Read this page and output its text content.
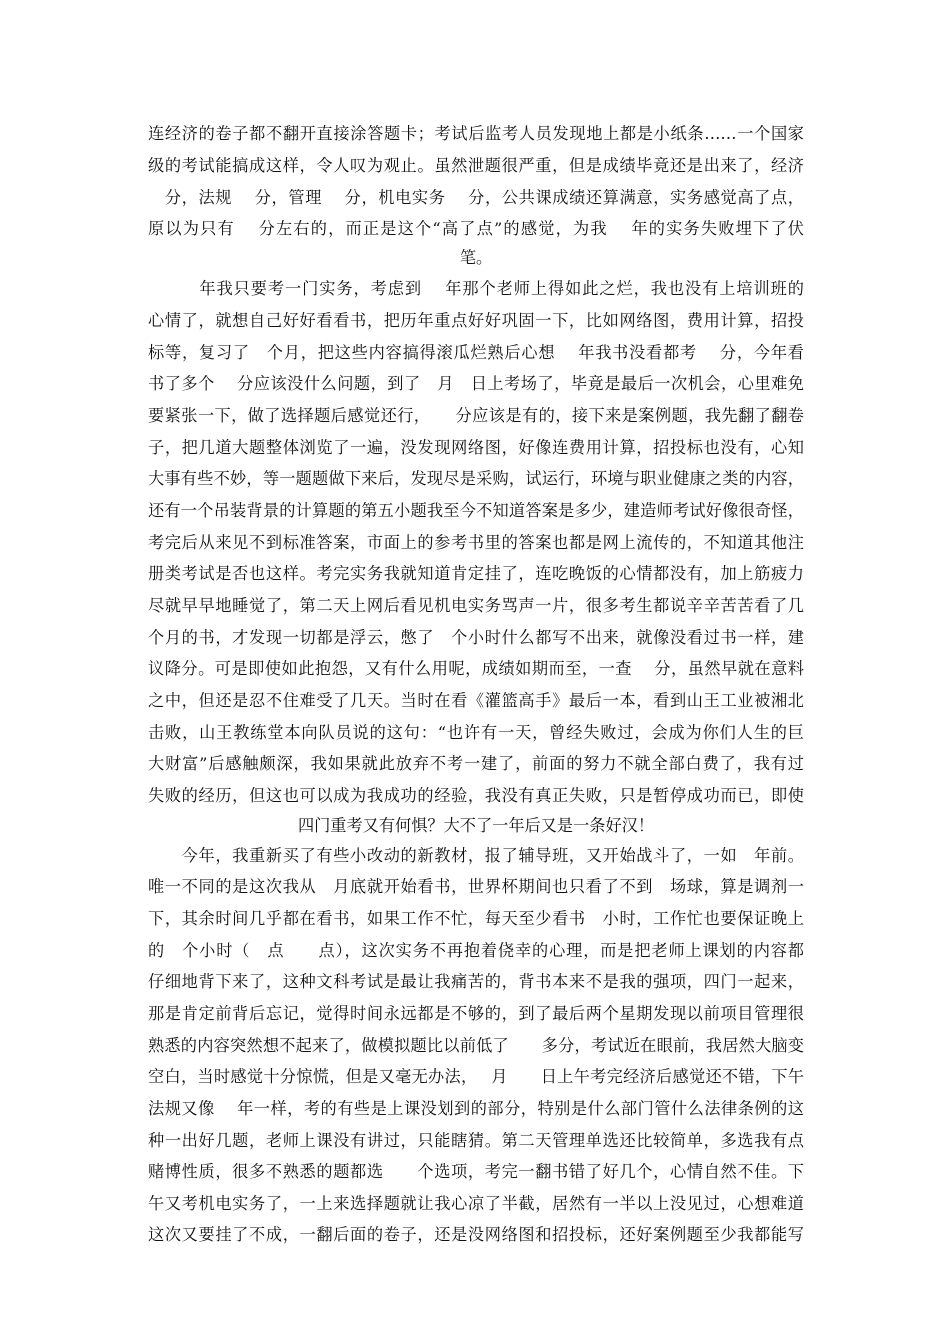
连经济的卷子都不翻开直接涂答题卡；考试后监考人员发现地上都是小纸条……一个国家
级的考试能搞成这样，令人叹为观止。虽然泄题很严重，但是成绩毕竟还是出来了，经济
　分，法规　 分，管理　 分，机电实务　 分，公共课成绩还算满意，实务感觉高了点，
原以为只有　 分左右的，而正是这个“高了点”的感觉，为我　 年的实务失败埋下了伏
笔。
　　　年我只要考一门实务，考虑到　 年那个老师上得如此之烂，我也没有上培训班的
心情了，就想自己好好看看书，把历年重点好好巩固一下，比如网络图，费用计算，招投
标等，复习了　个月，把这些内容搞得滚瓜烂熟后心想　 年我书没看都考　 分，今年看
书了多个　 分应该没什么问题，到了　月　日上考场了，毕竟是最后一次机会，心里难免
要紧张一下，做了选择题后感觉还行，　　分应该是有的，接下来是案例题，我先翻了翻卷
子，把几道大题整体浏览了一遍，没发现网络图，好像连费用计算，招投标也没有，心知
大事有些不妙，等一题题做下来后，发现尽是采购，试运行，环境与职业健康之类的内容，
还有一个吊装背景的计算题的第五小题我至今不知道答案是多少，建造师考试好像很奇怪，
考完后从来见不到标准答案，市面上的参考书里的答案也都是网上流传的，不知道其他注
册类考试是否也这样。考完实务我就知道肯定挂了，连吃晚饭的心情都没有，加上筋疲力
尽就早早地睡觉了，第二天上网后看见机电实务骂声一片，很多考生都说辛辛苦苦看了几
个月的书，才发现一切都是浮云，憋了　个小时什么都写不出来，就像没看过书一样，建
议降分。可是即使如此抱怨，又有什么用呢，成绩如期而至，一查　 分，虽然早就在意料
之中，但还是忍不住难受了几天。当时在看《灌篮高手》最后一本，看到山王工业被湘北
击败，山王教练堂本向队员说的这句：“也许有一天，曾经失败过，会成为你们人生的巨
大财富”后感触颇深，我如果就此放弃不考一建了，前面的努力不就全部白费了，我有过
失败的经历，但这也可以成为我成功的经验，我没有真正失败，只是暂停成功而已，即使
四门重考又有何惧？大不了一年后又是一条好汉！
　　今年，我重新买了有些小改动的新教材，报了辅导班，又开始战斗了，一如　年前。
唯一不同的是这次我从　月底就开始看书，世界杯期间也只看了不到　场球，算是调剂一
下，其余时间几乎都在看书，如果工作不忙，每天至少看书　小时，工作忙也要保证晚上
的　个小时（　点　　点），这次实务不再抱着侥幸的心理，而是把老师上课划的内容都
仔细地背下来了，这种文科考试是最让我痛苦的，背书本来不是我的强项，四门一起来，
那是肯定前背后忘记，觉得时间永远都是不够的，到了最后两个星期发现以前项目管理很
熟悉的内容突然想不起来了，做模拟题比以前低了　　多分，考试近在眼前，我居然大脑变
空白，当时感觉十分惊慌，但是又毫无办法，　 月　　日上午考完经济后感觉还不错，下午
法规又像　 年一样，考的有些是上课没划到的部分，特别是什么部门管什么法律条例的这
种一出好几题，老师上课没有讲过，只能瞎猜。第二天管理单选还比较简单，多选我有点
赌博性质，很多不熟悉的题都选　　个选项，考完一翻书错了好几个，心情自然不佳。下
午又考机电实务了，一上来选择题就让我心凉了半截，居然有一半以上没见过，心想难道
这次又要挂了不成，一翻后面的卷子，还是没网络图和招投标，还好案例题至少我都能写
